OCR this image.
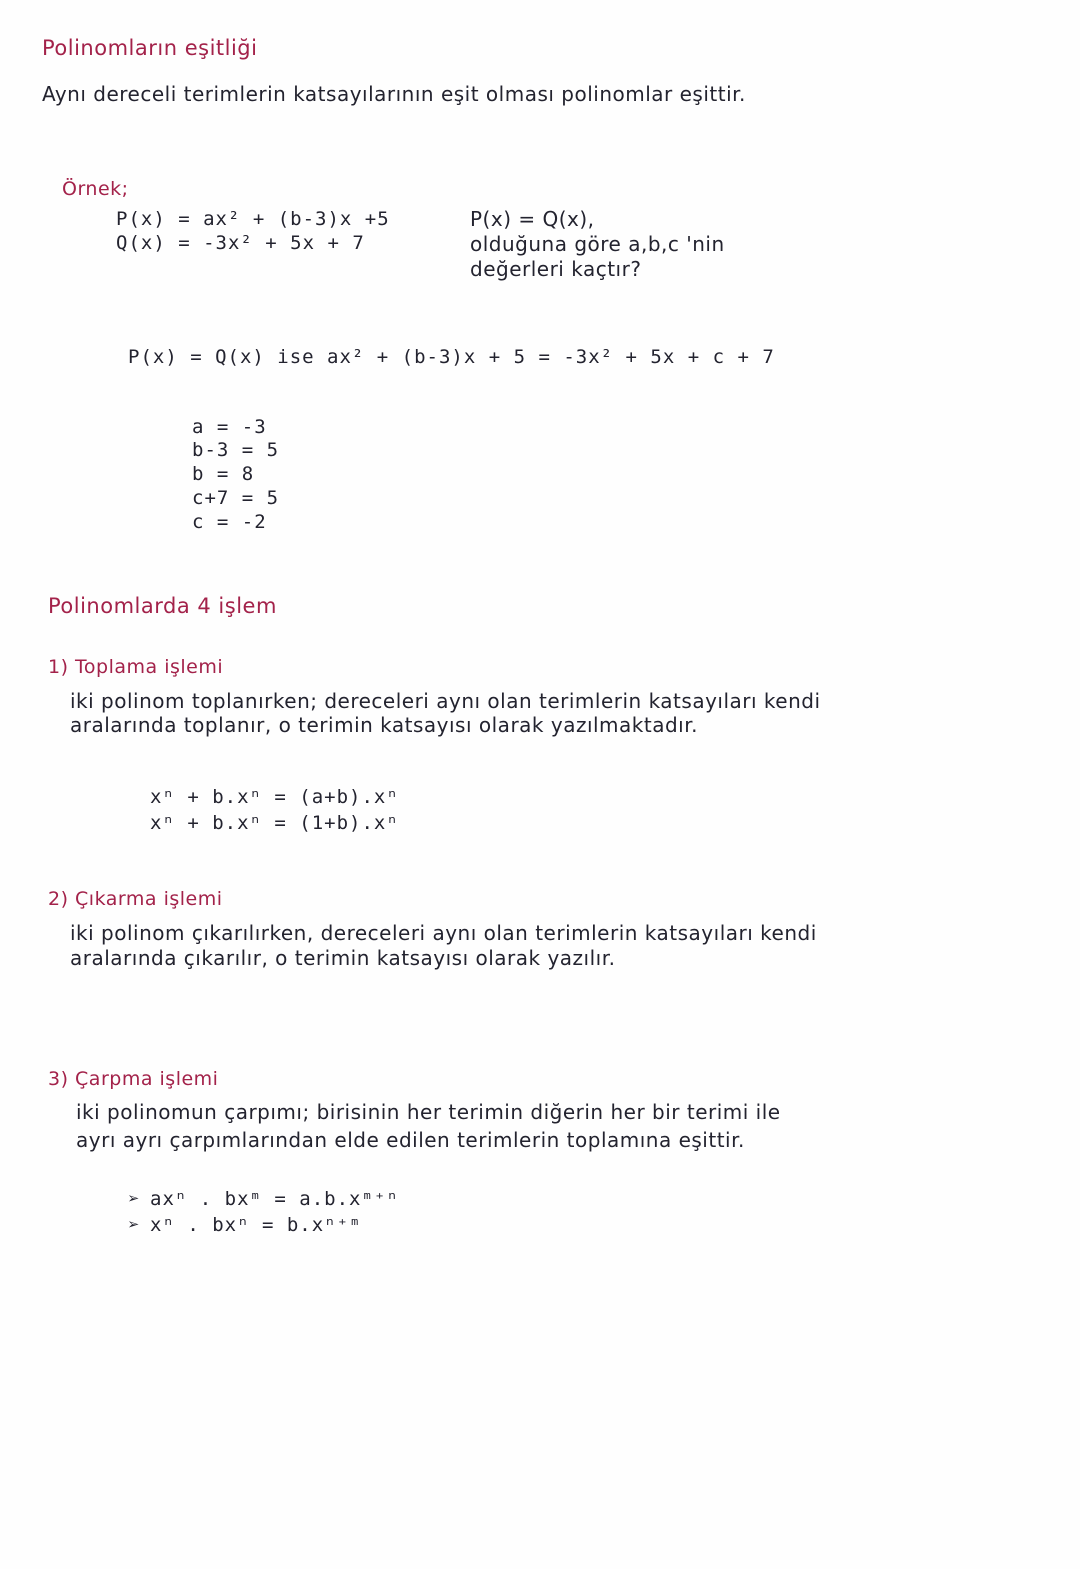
Polinomların eşitliği
Aynı dereceli terimlerin katsayılarının eşit olması polinomlar eşittir.
Örnek;
P(x) = ax² + (b-3)x +5
Q(x) = -3x² + 5x + 7
P(x) = Q(x),
olduğuna göre a,b,c 'nin
değerleri kaçtır?
P(x) = Q(x) ise ax² + (b-3)x + 5 = -3x² + 5x + c + 7
a = -3
b-3 = 5
b = 8
c+7 = 5
c = -2
Polinomlarda 4 işlem
1) Toplama işlemi
iki polinom toplanırken; dereceleri aynı olan terimlerin katsayıları kendi
aralarında toplanır, o terimin katsayısı olarak yazılmaktadır.
xⁿ + b.xⁿ = (a+b).xⁿ
xⁿ + b.xⁿ = (1+b).xⁿ
2) Çıkarma işlemi
iki polinom çıkarılırken, dereceleri aynı olan terimlerin katsayıları kendi
aralarında çıkarılır, o terimin katsayısı olarak yazılır.
3) Çarpma işlemi
iki polinomun çarpımı; birisinin her terimin diğerin her bir terimi ile
ayrı ayrı çarpımlarından elde edilen terimlerin toplamına eşittir.
➢ axⁿ . bxᵐ = a.b.xᵐ⁺ⁿ
➢ xⁿ . bxⁿ = b.xⁿ⁺ᵐ
